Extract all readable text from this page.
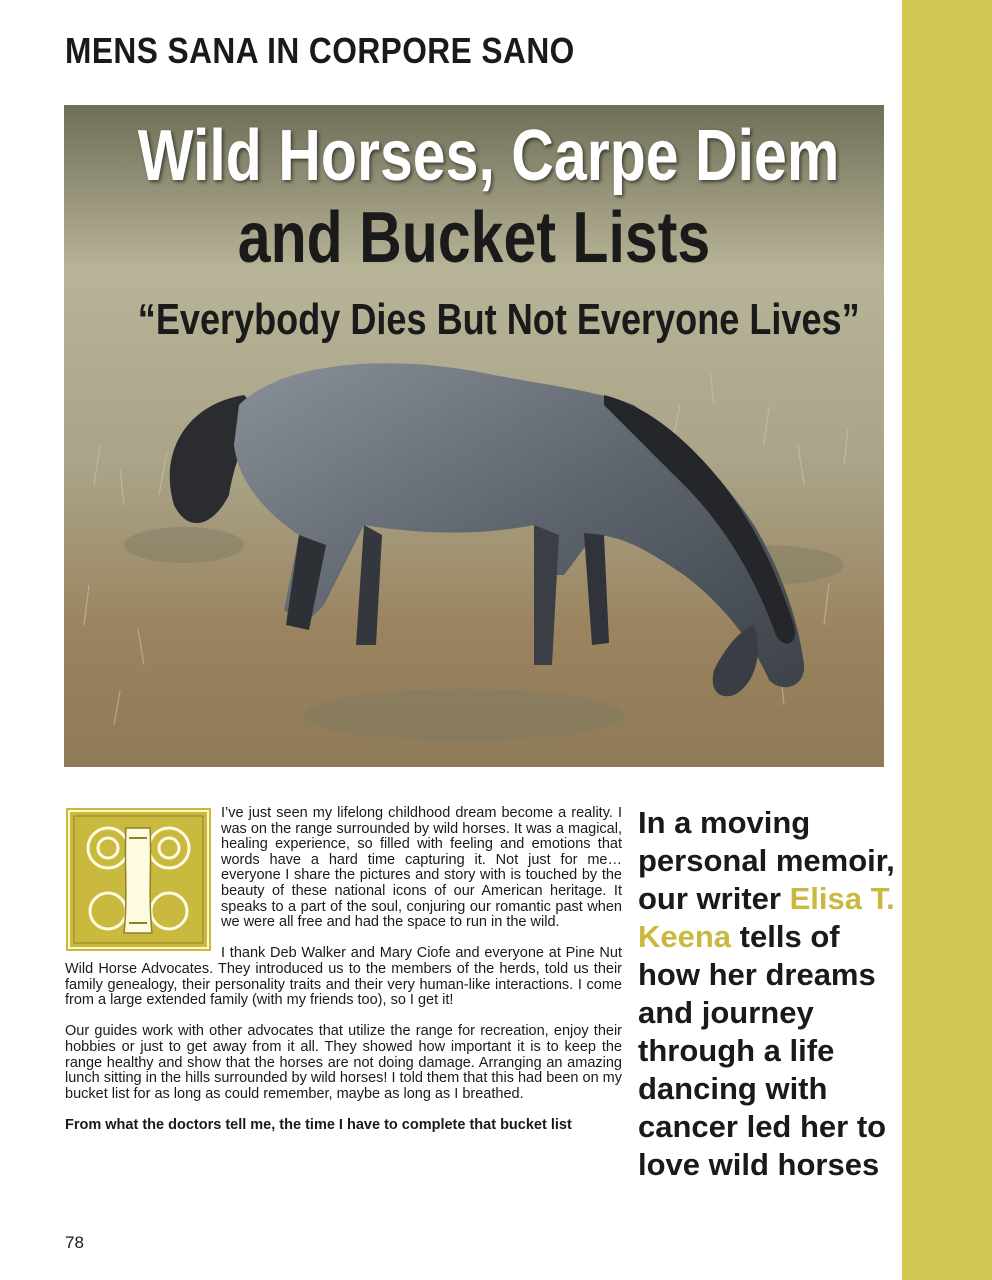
MENS SANA IN CORPORE SANO
Wild Horses, Carpe Diem
and Bucket Lists
“Everybody Dies But Not Everyone Lives”

I’ve just seen my lifelong childhood dream become a reality. I was on the range surrounded by wild horses. It was a magical, healing experience, so filled with feeling and emotions that words have a hard time capturing it. Not just for me… everyone I share the pictures and story with is touched by the beauty of these national icons of our American heritage. It speaks to a part of the soul, conjuring our romantic past when we were all free and had the space to run in the wild.

I thank Deb Walker and Mary Ciofe and everyone at Pine Nut Wild Horse Advocates. They introduced us to the members of the herds, told us their family genealogy, their personality traits and their very human-like interactions. I come from a large extended family (with my friends too), so I get it!

Our guides work with other advocates that utilize the range for recreation, enjoy their hobbies or just to get away from it all. They showed how important it is to keep the range healthy and show that the horses are not doing damage. Arranging an amazing lunch sitting in the hills surrounded by wild horses! I told them that this had been on my bucket list for as long as could remember, maybe as long as I breathed.

From what the doctors tell me, the time I have to complete that bucket list

In a moving personal memoir, our writer Elisa T. Keena tells of how her dreams and journey through a life dancing with cancer led her to love wild horses
78
